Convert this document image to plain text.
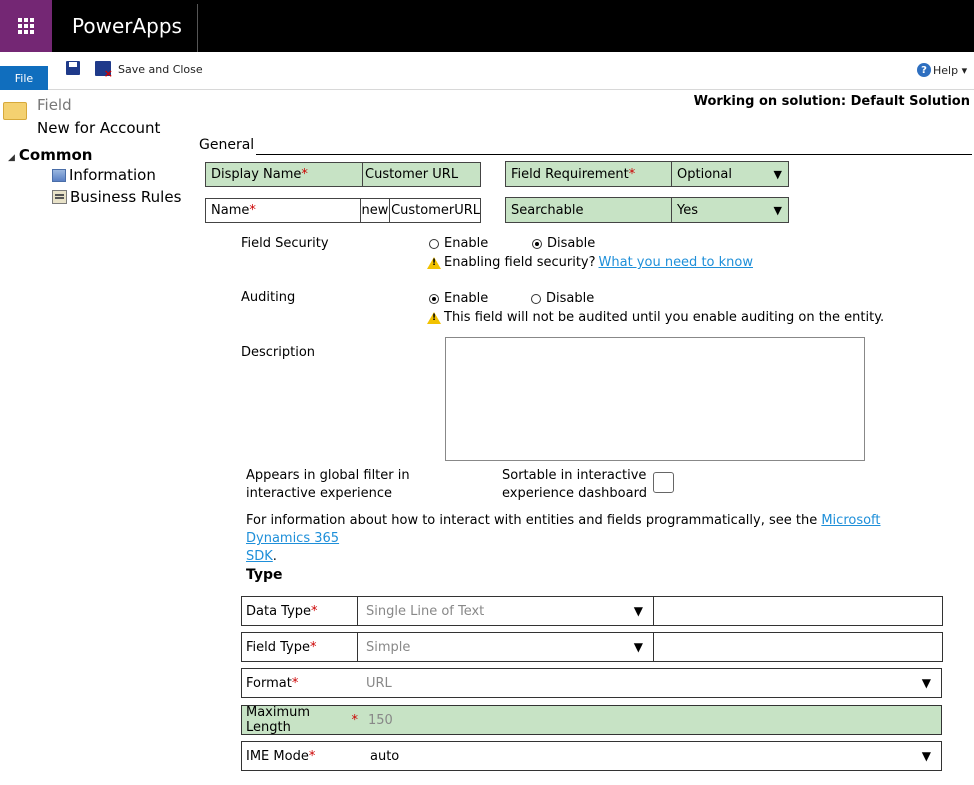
PowerApps
File
×
Save and Close	? Help ▾
Field
New for Account
◢ Common
Information
Business Rules
Working on solution: Default Solution
General
Display Name *	Customer URL
Name *	new CustomerURL
Field Requirement *	Optional	▼
Searchable	Yes	▼
Field Security	Enable	Disable
!
Enabling field security? What you need to know
Auditing	Enable	Disable
!
This field will not be audited until you enable auditing on the entity.
Description
Appears in global filter in
interactive experience
Sortable in interactive
experience dashboard
For information about how to interact with entities and fields programmatically, see the Microsoft Dynamics 365
SDK.
Type
Data Type *	Single Line of Text	▼
Field Type *	Simple	▼
Format *	URL	▼
Maximum Length	* 150
IME Mode *	auto	▼
